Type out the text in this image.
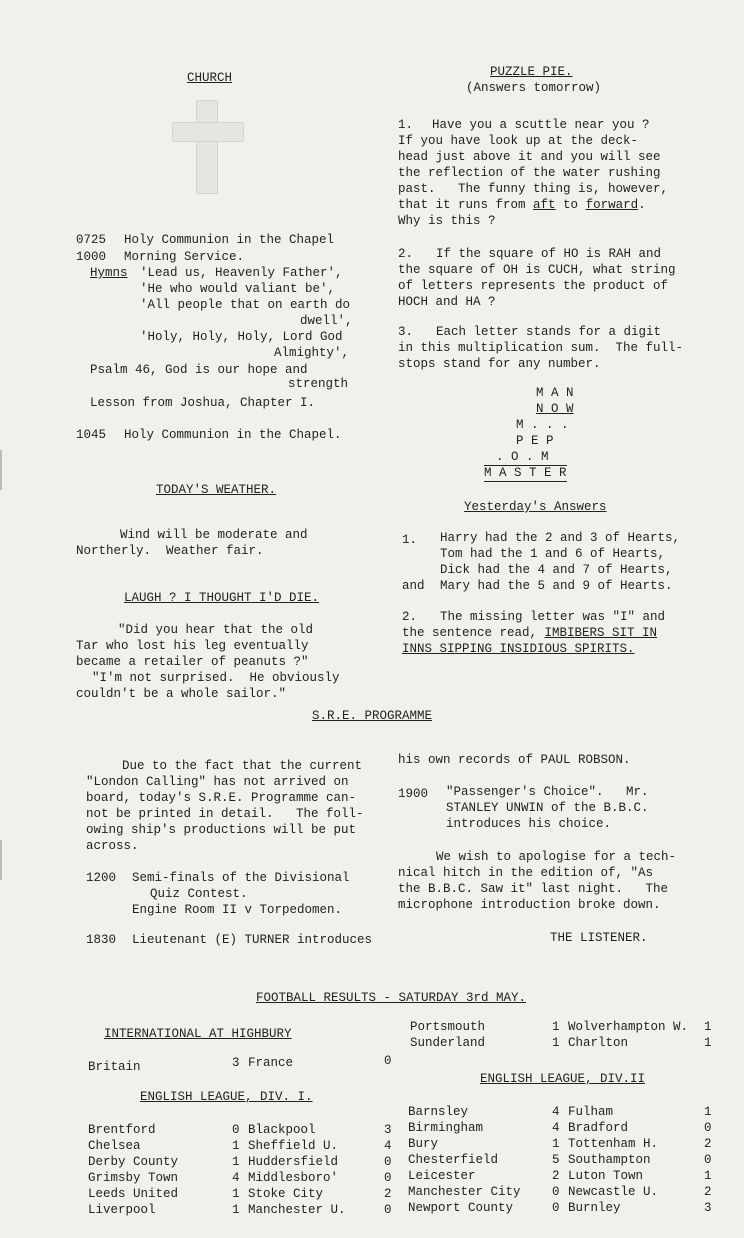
CHURCH
0725 Holy Communion in the Chapel
1000 Morning Service.
Hymns 'Lead us, Heavenly Father',
'He who would valiant be',
'All people that on earth do
dwell',
'Holy, Holy, Holy, Lord God
Almighty',
Psalm 46, God is our hope and
strength
Lesson from Joshua, Chapter I.
1045 Holy Communion in the Chapel.
TODAY'S WEATHER.
Wind will be moderate and
Northerly.  Weather fair.
LAUGH ? I THOUGHT I'D DIE.
"Did you hear that the old
Tar who lost his leg eventually
became a retailer of peanuts ?"
"I'm not surprised.  He obviously
couldn't be a whole sailor."
PUZZLE PIE.
(Answers tomorrow)
1. Have you a scuttle near you ?
If you have look up at the deck-
head just above it and you will see
the reflection of the water rushing
past.   The funny thing is, however,
that it runs from aft to forward.
Why is this ?
2. If the square of HO is RAH and
the square of OH is CUCH, what string
of letters represents the product of
HOCH and HA ?
3. Each letter stands for a digit
in this multiplication sum.  The full-
stops stand for any number.
M A N
N O W
M . . .
P E P
. O . M
M A S T E R
Yesterday's Answers
1. Harry had the 2 and 3 of Hearts,
Tom had the 1 and 6 of Hearts,
Dick had the 4 and 7 of Hearts,
and Mary had the 5 and 9 of Hearts.
2. The missing letter was "I" and
the sentence read, IMBIBERS SIT IN
INNS SIPPING INSIDIOUS SPIRITS.
S.R.E. PROGRAMME
Due to the fact that the current
"London Calling" has not arrived on
board, today's S.R.E. Programme can-
not be printed in detail.   The foll-
owing ship's productions will be put
across.
1200 Semi-finals of the Divisional
Quiz Contest.
Engine Room II v Torpedomen.
1830 Lieutenant (E) TURNER introduces
his own records of PAUL ROBSON.
1900 "Passenger's Choice".   Mr.
STANLEY UNWIN of the B.B.C.
introduces his choice.
We wish to apologise for a tech-
nical hitch in the edition of, "As
the B.B.C. Saw it" last night.   The
microphone introduction broke down.
THE LISTENER.
FOOTBALL RESULTS - SATURDAY 3rd MAY.
INTERNATIONAL AT HIGHBURY
Britain	3 France	0
ENGLISH LEAGUE, DIV. I.
Brentford	0 Blackpool	3
Chelsea	1 Sheffield U.	4
Derby County	1 Huddersfield	0
Grimsby Town	4 Middlesboro'	0
Leeds United	1 Stoke City	2
Liverpool	1 Manchester U.	0
Portsmouth	1 Wolverhampton W. 1
Sunderland	1 Charlton	1
ENGLISH LEAGUE, DIV.II
Barnsley	4 Fulham	1
Birmingham	4 Bradford	0
Bury	1 Tottenham H.	2
Chesterfield	5 Southampton	0
Leicester	2 Luton Town	1
Manchester City	0 Newcastle U.	2
Newport County	0 Burnley	3
